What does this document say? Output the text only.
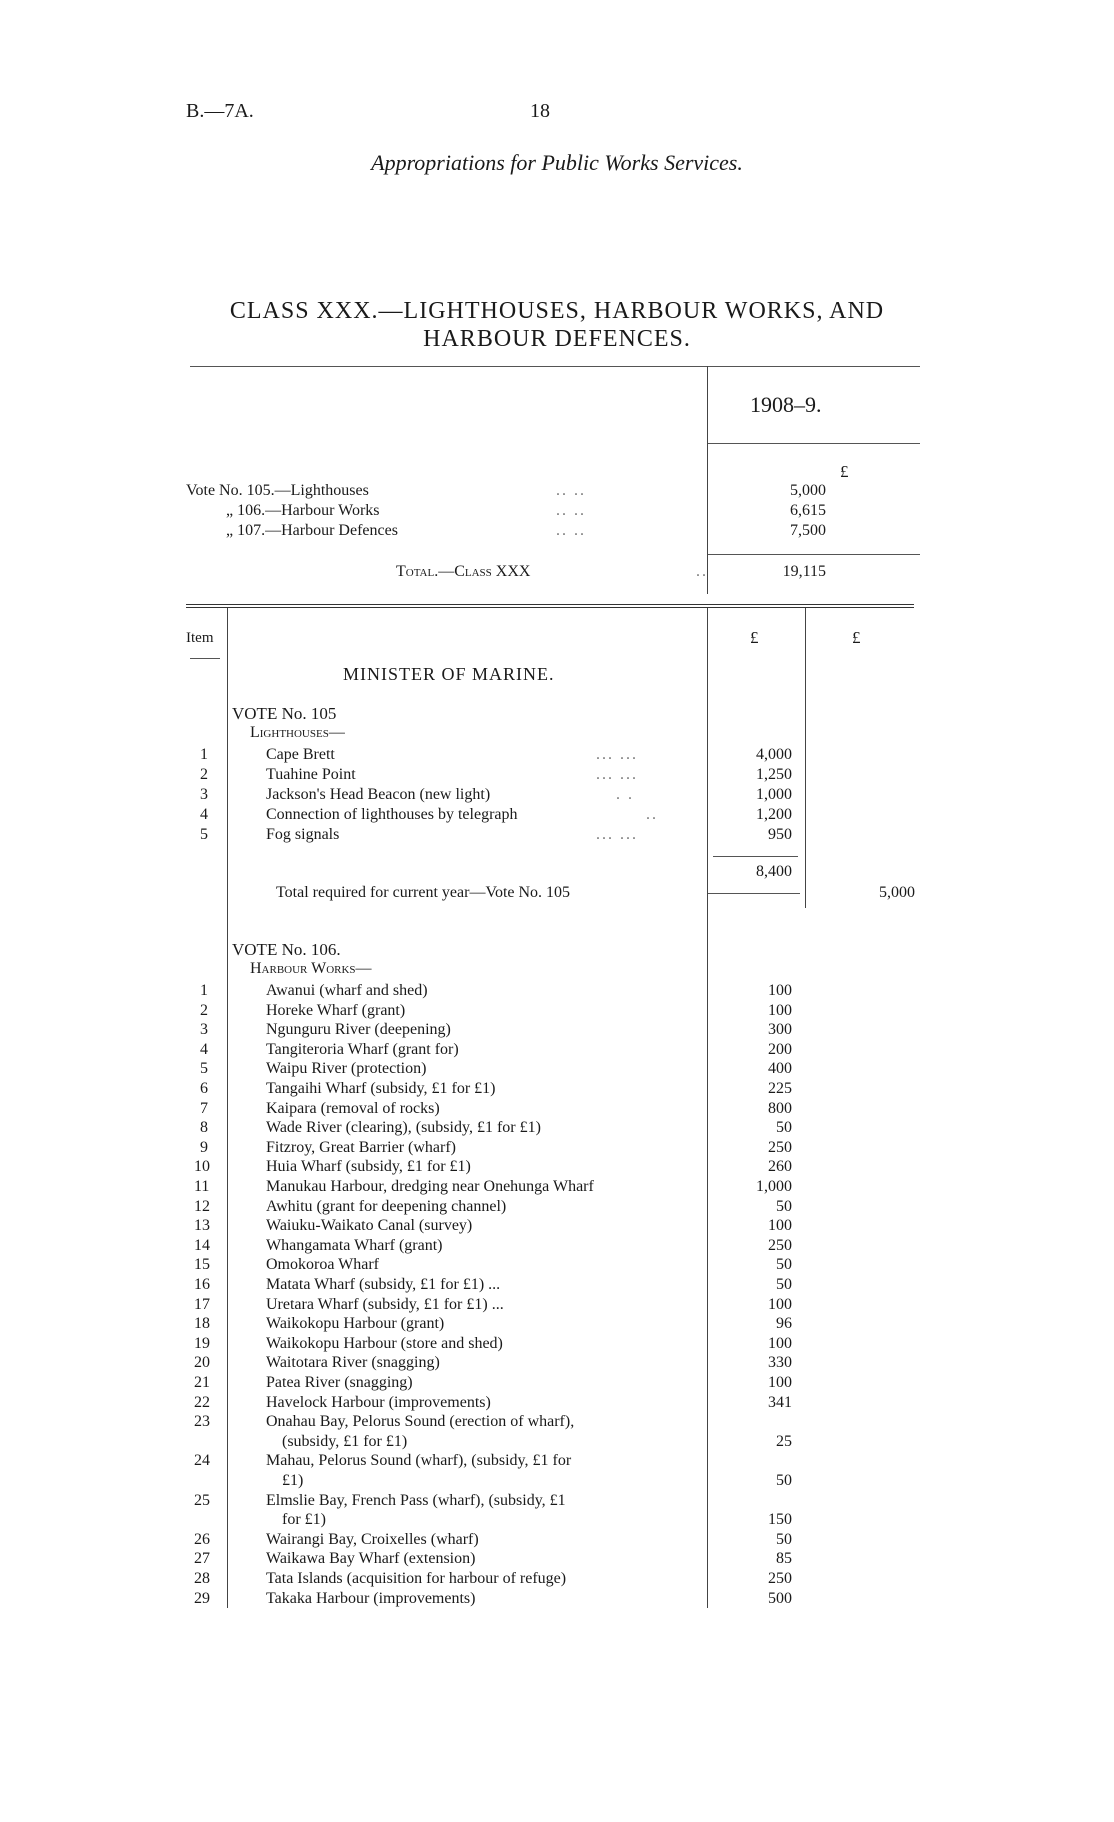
B.—7A.	18
Appropriations for Public Works Services.
CLASS XXX.—LIGHTHOUSES, HARBOUR WORKS, AND
HARBOUR DEFENCES.
1908–9.
£
Vote No. 105.—Lighthouses	.. ..	5,000
„ 106.—Harbour Works	.. ..	6,615
„ 107.—Harbour Defences	.. ..	7,500
Total.—Class XXX	..	19,115
Item	£	£
MINISTER OF MARINE.
VOTE No. 105
Lighthouses—
1	Cape Brett	... ...	4,000
2	Tuahine Point	... ...	1,250
3	Jackson's Head Beacon (new light)	. .	1,000
4	Connection of lighthouses by telegraph	..	1,200
5	Fog signals	... ...	950
8,400
Total required for current year—Vote No. 105	5,000
VOTE No. 106.
Harbour Works—
1	Awanui (wharf and shed)	100
2	Horeke Wharf (grant)	100
3	Ngunguru River (deepening)	300
4	Tangiteroria Wharf (grant for)	200
5	Waipu River (protection)	400
6	Tangaihi Wharf (subsidy, £1 for £1)	225
7	Kaipara (removal of rocks)	800
8	Wade River (clearing), (subsidy, £1 for £1)	50
9	Fitzroy, Great Barrier (wharf)	250
10	Huia Wharf (subsidy, £1 for £1)	260
11	Manukau Harbour, dredging near Onehunga Wharf	1,000
12	Awhitu (grant for deepening channel)	50
13	Waiuku-Waikato Canal (survey)	100
14	Whangamata Wharf (grant)	250
15	Omokoroa Wharf	50
16	Matata Wharf (subsidy, £1 for £1) ...	50
17	Uretara Wharf (subsidy, £1 for £1) ...	100
18	Waikokopu Harbour (grant)	96
19	Waikokopu Harbour (store and shed)	100
20	Waitotara River (snagging)	330
21	Patea River (snagging)	100
22	Havelock Harbour (improvements)	341
23	Onahau Bay, Pelorus Sound (erection of wharf),
(subsidy, £1 for £1)	25
24	Mahau, Pelorus Sound (wharf), (subsidy, £1 for
£1)	50
25	Elmslie Bay, French Pass (wharf), (subsidy, £1
for £1)	150
26	Wairangi Bay, Croixelles (wharf)	50
27	Waikawa Bay Wharf (extension)	85
28	Tata Islands (acquisition for harbour of refuge)	250
29	Takaka Harbour (improvements)	500
